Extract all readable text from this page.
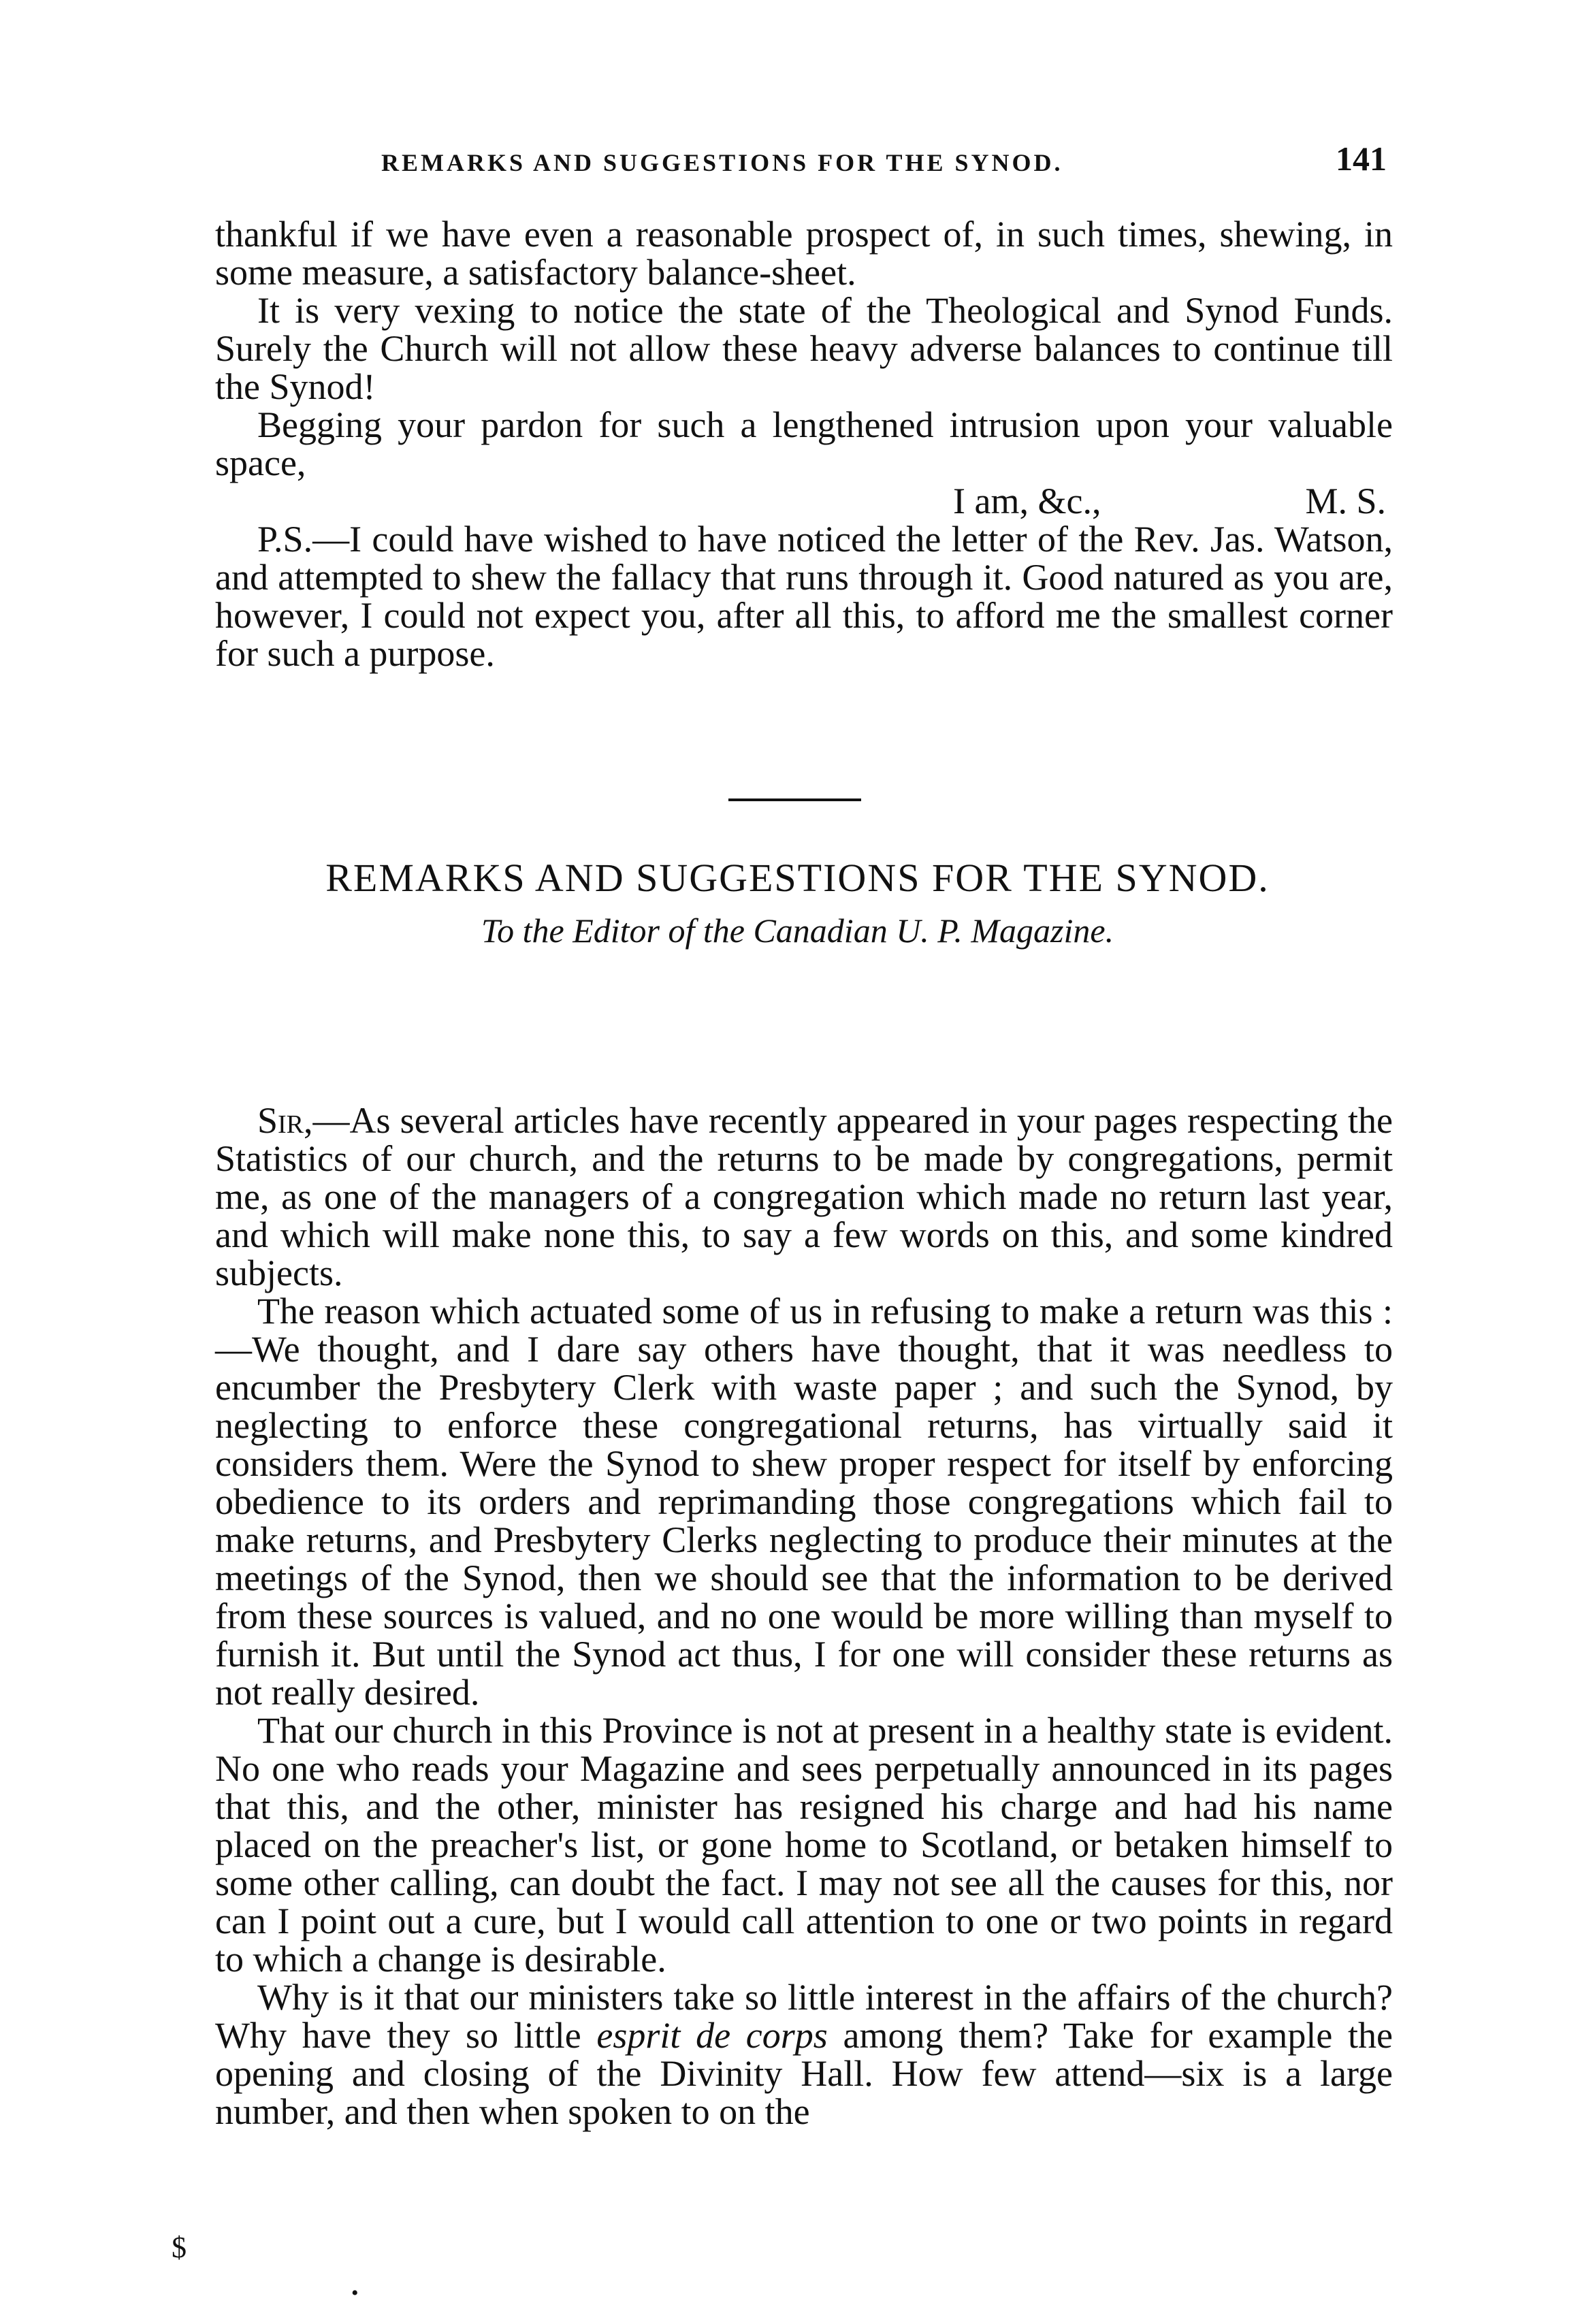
REMARKS AND SUGGESTIONS FOR THE SYNOD.	141

thankful if we have even a reasonable prospect of, in such times, shewing, in some measure, a satisfactory balance-sheet.

It is very vexing to notice the state of the Theological and Synod Funds. Surely the Church will not allow these heavy adverse balances to continue till the Synod!

Begging your pardon for such a lengthened intrusion upon your valuable space,

I am, &c.,	M. S.

P.S.—I could have wished to have noticed the letter of the Rev. Jas. Watson, and attempted to shew the fallacy that runs through it. Good natured as you are, however, I could not expect you, after all this, to afford me the smallest corner for such a purpose.

REMARKS AND SUGGESTIONS FOR THE SYNOD.
To the Editor of the Canadian U. P. Magazine.

Sir,—As several articles have recently appeared in your pages respecting the Statistics of our church, and the returns to be made by congregations, permit me, as one of the managers of a congregation which made no return last year, and which will make none this, to say a few words on this, and some kindred subjects.

The reason which actuated some of us in refusing to make a return was this :—We thought, and I dare say others have thought, that it was needless to encumber the Presbytery Clerk with waste paper ; and such the Synod, by neglecting to enforce these congregational returns, has virtually said it considers them. Were the Synod to shew proper respect for itself by enforcing obedience to its orders and reprimanding those congregations which fail to make returns, and Presbytery Clerks neglecting to produce their minutes at the meetings of the Synod, then we should see that the information to be derived from these sources is valued, and no one would be more willing than myself to furnish it. But until the Synod act thus, I for one will consider these returns as not really desired.

That our church in this Province is not at present in a healthy state is evident. No one who reads your Magazine and sees perpetually announced in its pages that this, and the other, minister has resigned his charge and had his name placed on the preacher's list, or gone home to Scotland, or betaken himself to some other calling, can doubt the fact. I may not see all the causes for this, nor can I point out a cure, but I would call attention to one or two points in regard to which a change is desirable.

Why is it that our ministers take so little interest in the affairs of the church? Why have they so little esprit de corps among them? Take for example the opening and closing of the Divinity Hall. How few attend—six is a large number, and then when spoken to on the

$
•
